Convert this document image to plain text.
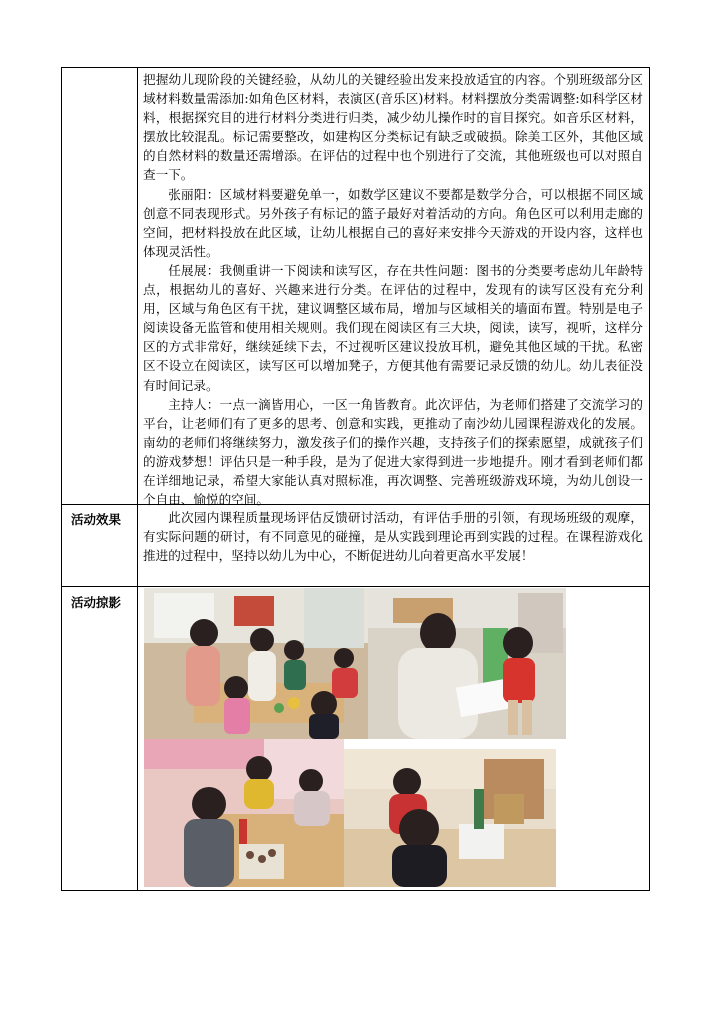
把握幼儿现阶段的关键经验，从幼儿的关键经验出发来投放适宜的内容。个别班级部分区域材料数量需添加:如角色区材料，表演区(音乐区)材料。材料摆放分类需调整:如科学区材料，根据探究目的进行材料分类进行归类，减少幼儿操作时的盲目探究。如音乐区材料，摆放比较混乱。标记需要整改，如建构区分类标记有缺乏或破损。除美工区外，其他区域的自然材料的数量还需增添。在评估的过程中也个别进行了交流，其他班级也可以对照自查一下。

张丽阳：区域材料要避免单一，如数学区建议不要都是数学分合，可以根据不同区域创意不同表现形式。另外孩子有标记的篮子最好对着活动的方向。角色区可以利用走廊的空间，把材料投放在此区域，让幼儿根据自己的喜好来安排今天游戏的开设内容，这样也体现灵活性。

任展展：我侧重讲一下阅读和读写区，存在共性问题：图书的分类要考虑幼儿年龄特点，根据幼儿的喜好、兴趣来进行分类。在评估的过程中，发现有的读写区没有充分利用，区域与角色区有干扰，建议调整区域布局，增加与区域相关的墙面布置。特别是电子阅读设备无监管和使用相关规则。我们现在阅读区有三大块，阅读，读写，视听，这样分区的方式非常好，继续延续下去，不过视听区建议投放耳机，避免其他区域的干扰。私密区不设立在阅读区，读写区可以增加凳子，方便其他有需要记录反馈的幼儿。幼儿表征没有时间记录。

主持人：一点一滴皆用心，一区一角皆教育。此次评估，为老师们搭建了交流学习的平台，让老师们有了更多的思考、创意和实践，更推动了南沙幼儿园课程游戏化的发展。南幼的老师们将继续努力，激发孩子们的操作兴趣，支持孩子们的探索愿望，成就孩子们的游戏梦想！评估只是一种手段，是为了促进大家得到进一步地提升。刚才看到老师们都在详细地记录，希望大家能认真对照标准，再次调整、完善班级游戏环境，为幼儿创设一个自由、愉悦的空间。

活动效果	此次园内课程质量现场评估反馈研讨活动，有评估手册的引领，有现场班级的观摩，有实际问题的研讨，有不同意见的碰撞，是从实践到理论再到实践的过程。在课程游戏化推进的过程中，坚持以幼儿为中心，不断促进幼儿向着更高水平发展！

活动掠影
